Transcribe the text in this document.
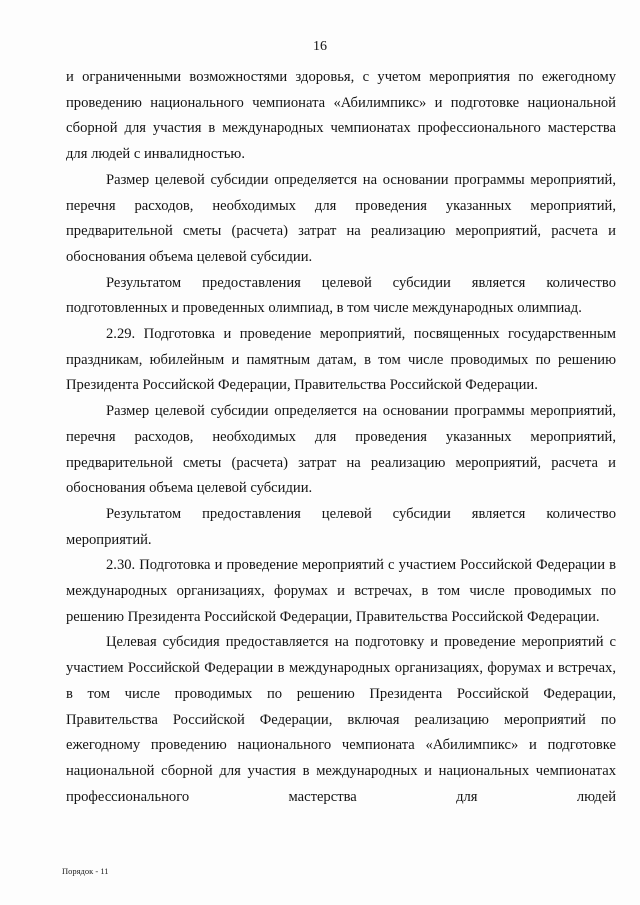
16

и ограниченными возможностями здоровья, с учетом мероприятия по ежегодному проведению национального чемпионата «Абилимпикс» и подготовке национальной сборной для участия в международных чемпионатах профессионального мастерства для людей с инвалидностью.

Размер целевой субсидии определяется на основании программы мероприятий, перечня расходов, необходимых для проведения указанных мероприятий, предварительной сметы (расчета) затрат на реализацию мероприятий, расчета и обоснования объема целевой субсидии.

Результатом предоставления целевой субсидии является количество подготовленных и проведенных олимпиад, в том числе международных олимпиад.

2.29. Подготовка и проведение мероприятий, посвященных государственным праздникам, юбилейным и памятным датам, в том числе проводимых по решению Президента Российской Федерации, Правительства Российской Федерации.

Размер целевой субсидии определяется на основании программы мероприятий, перечня расходов, необходимых для проведения указанных мероприятий, предварительной сметы (расчета) затрат на реализацию мероприятий, расчета и обоснования объема целевой субсидии.

Результатом предоставления целевой субсидии является количество мероприятий.

2.30. Подготовка и проведение мероприятий с участием Российской Федерации в международных организациях, форумах и встречах, в том числе проводимых по решению Президента Российской Федерации, Правительства Российской Федерации.

Целевая субсидия предоставляется на подготовку и проведение мероприятий с участием Российской Федерации в международных организациях, форумах и встречах, в том числе проводимых по решению Президента Российской Федерации, Правительства Российской Федерации, включая реализацию мероприятий по ежегодному проведению национального чемпионата «Абилимпикс» и подготовке национальной сборной для участия в международных и национальных чемпионатах профессионального мастерства для людей

Порядок - 11
